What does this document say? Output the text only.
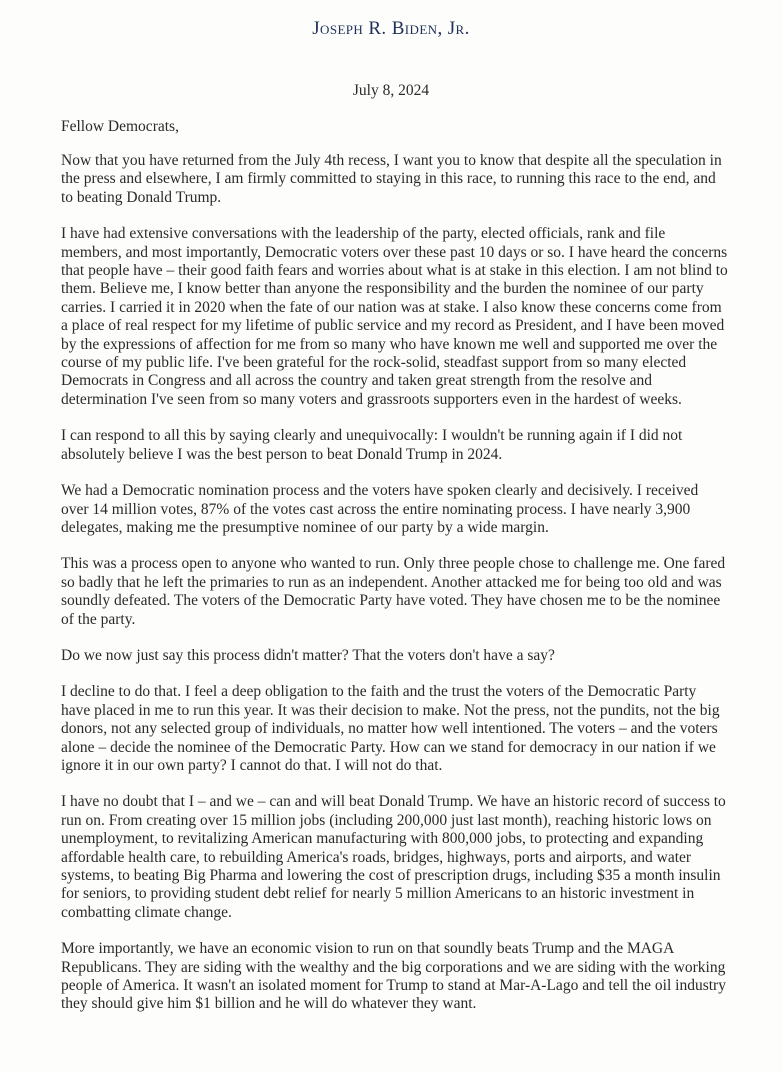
Joseph R. Biden, Jr.
July 8, 2024
Fellow Democrats,

Now that you have returned from the July 4th recess, I want you to know that despite all the speculation in the press and elsewhere, I am firmly committed to staying in this race, to running this race to the end, and to beating Donald Trump.

I have had extensive conversations with the leadership of the party, elected officials, rank and file members, and most importantly, Democratic voters over these past 10 days or so. I have heard the concerns that people have – their good faith fears and worries about what is at stake in this election. I am not blind to them. Believe me, I know better than anyone the responsibility and the burden the nominee of our party carries. I carried it in 2020 when the fate of our nation was at stake. I also know these concerns come from a place of real respect for my lifetime of public service and my record as President, and I have been moved by the expressions of affection for me from so many who have known me well and supported me over the course of my public life. I've been grateful for the rock-solid, steadfast support from so many elected Democrats in Congress and all across the country and taken great strength from the resolve and determination I've seen from so many voters and grassroots supporters even in the hardest of weeks.

I can respond to all this by saying clearly and unequivocally: I wouldn't be running again if I did not absolutely believe I was the best person to beat Donald Trump in 2024.

We had a Democratic nomination process and the voters have spoken clearly and decisively. I received over 14 million votes, 87% of the votes cast across the entire nominating process. I have nearly 3,900 delegates, making me the presumptive nominee of our party by a wide margin.

This was a process open to anyone who wanted to run. Only three people chose to challenge me. One fared so badly that he left the primaries to run as an independent. Another attacked me for being too old and was soundly defeated. The voters of the Democratic Party have voted. They have chosen me to be the nominee of the party.

Do we now just say this process didn't matter? That the voters don't have a say?

I decline to do that. I feel a deep obligation to the faith and the trust the voters of the Democratic Party have placed in me to run this year. It was their decision to make. Not the press, not the pundits, not the big donors, not any selected group of individuals, no matter how well intentioned. The voters – and the voters alone – decide the nominee of the Democratic Party. How can we stand for democracy in our nation if we ignore it in our own party? I cannot do that. I will not do that.

I have no doubt that I – and we – can and will beat Donald Trump. We have an historic record of success to run on. From creating over 15 million jobs (including 200,000 just last month), reaching historic lows on unemployment, to revitalizing American manufacturing with 800,000 jobs, to protecting and expanding affordable health care, to rebuilding America's roads, bridges, highways, ports and airports, and water systems, to beating Big Pharma and lowering the cost of prescription drugs, including $35 a month insulin for seniors, to providing student debt relief for nearly 5 million Americans to an historic investment in combatting climate change.

More importantly, we have an economic vision to run on that soundly beats Trump and the MAGA Republicans. They are siding with the wealthy and the big corporations and we are siding with the working people of America. It wasn't an isolated moment for Trump to stand at Mar-A-Lago and tell the oil industry they should give him $1 billion and he will do whatever they want.
